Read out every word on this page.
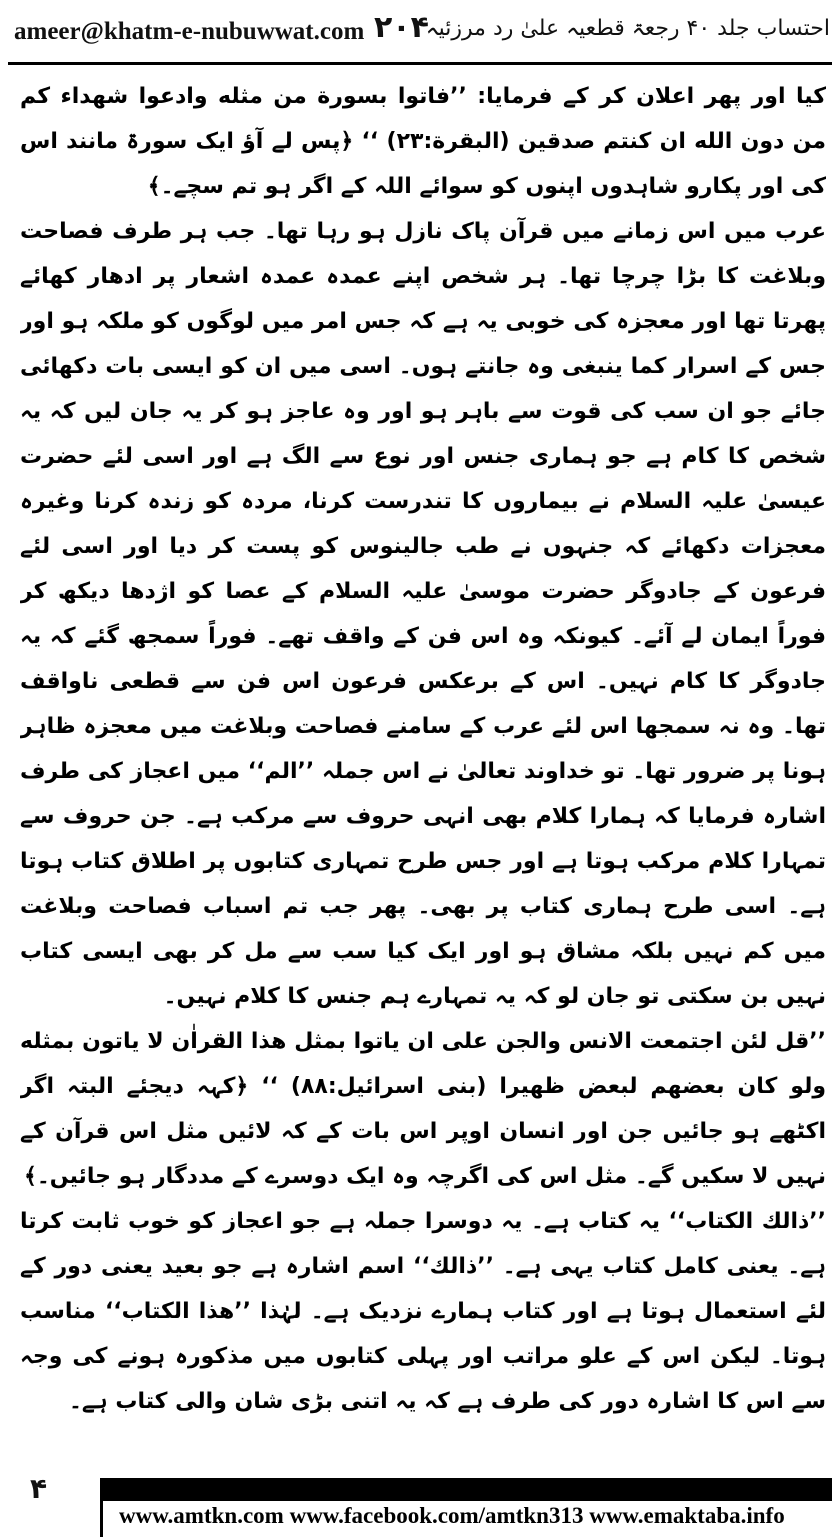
ameer@khatm-e-nubuwwat.com ۲۰۴
احتساب جلد ۴۰ رجعۃ قطعیہ علیٰ رد مرزئیہ

کیا اور پھر اعلان کر کے فرمایا: ’’فاتوا بسورة من مثله وادعوا شهداء كم من دون الله ان كنتم صدقين (البقرة:۲۳) ‘‘ ﴿پس لے آؤ ایک سورۃ مانند اس کی اور پکارو شاہدوں اپنوں کو سوائے اللہ کے اگر ہو تم سچے۔﴾

عرب میں اس زمانے میں قرآن پاک نازل ہو رہا تھا۔ جب ہر طرف فصاحت وبلاغت کا بڑا چرچا تھا۔ ہر شخص اپنے عمدہ عمدہ اشعار پر ادھار کھائے پھرتا تھا اور معجزہ کی خوبی یہ ہے کہ جس امر میں لوگوں کو ملکہ ہو اور جس کے اسرار کما ینبغی وہ جانتے ہوں۔ اسی میں ان کو ایسی بات دکھائی جائے جو ان سب کی قوت سے باہر ہو اور وہ عاجز ہو کر یہ جان لیں کہ یہ شخص کا کام ہے جو ہماری جنس اور نوع سے الگ ہے اور اسی لئے حضرت عیسیٰ علیہ السلام نے بیماروں کا تندرست کرنا، مردہ کو زندہ کرنا وغیرہ معجزات دکھائے کہ جنہوں نے طب جالینوس کو پست کر دیا اور اسی لئے فرعون کے جادوگر حضرت موسیٰ علیہ السلام کے عصا کو اژدھا دیکھ کر فوراً ایمان لے آئے۔ کیونکہ وہ اس فن کے واقف تھے۔ فوراً سمجھ گئے کہ یہ جادوگر کا کام نہیں۔ اس کے برعکس فرعون اس فن سے قطعی ناواقف تھا۔ وہ نہ سمجھا اس لئے عرب کے سامنے فصاحت وبلاغت میں معجزہ ظاہر ہونا پر ضرور تھا۔ تو خداوند تعالیٰ نے اس جملہ ’’الم‘‘ میں اعجاز کی طرف اشارہ فرمایا کہ ہمارا کلام بھی انہی حروف سے مرکب ہے۔ جن حروف سے تمہارا کلام مرکب ہوتا ہے اور جس طرح تمہاری کتابوں پر اطلاق کتاب ہوتا ہے۔ اسی طرح ہماری کتاب پر بھی۔ پھر جب تم اسباب فصاحت وبلاغت میں کم نہیں بلکہ مشاق ہو اور ایک کیا سب سے مل کر بھی ایسی کتاب نہیں بن سکتی تو جان لو کہ یہ تمہارے ہم جنس کا کلام نہیں۔

’’قل لئن اجتمعت الانس والجن على ان ياتوا بمثل هذا القراٰن لا ياتون بمثله ولو كان بعضهم لبعض ظهيرا (بنی اسرائیل:۸۸) ‘‘ ﴿کہہ دیجئے البتہ اگر اکٹھے ہو جائیں جن اور انسان اوپر اس بات کے کہ لائیں مثل اس قرآن کے نہیں لا سکیں گے۔ مثل اس کی اگرچہ وہ ایک دوسرے کے مددگار ہو جائیں۔﴾

’’ذالك الكتاب‘‘ یہ کتاب ہے۔ یہ دوسرا جملہ ہے جو اعجاز کو خوب ثابت کرتا ہے۔ یعنی کامل کتاب یہی ہے۔ ’’ذالك‘‘ اسم اشارہ ہے جو بعید یعنی دور کے لئے استعمال ہوتا ہے اور کتاب ہمارے نزدیک ہے۔ لہٰذا ’’هذا الكتاب‘‘ مناسب ہوتا۔ لیکن اس کے علو مراتب اور پہلی کتابوں میں مذکورہ ہونے کی وجہ سے اس کا اشارہ دور کی طرف ہے کہ یہ اتنی بڑی شان والی کتاب ہے۔

۴
www.amtkn.com www.facebook.com/amtkn313 www.emaktaba.info
